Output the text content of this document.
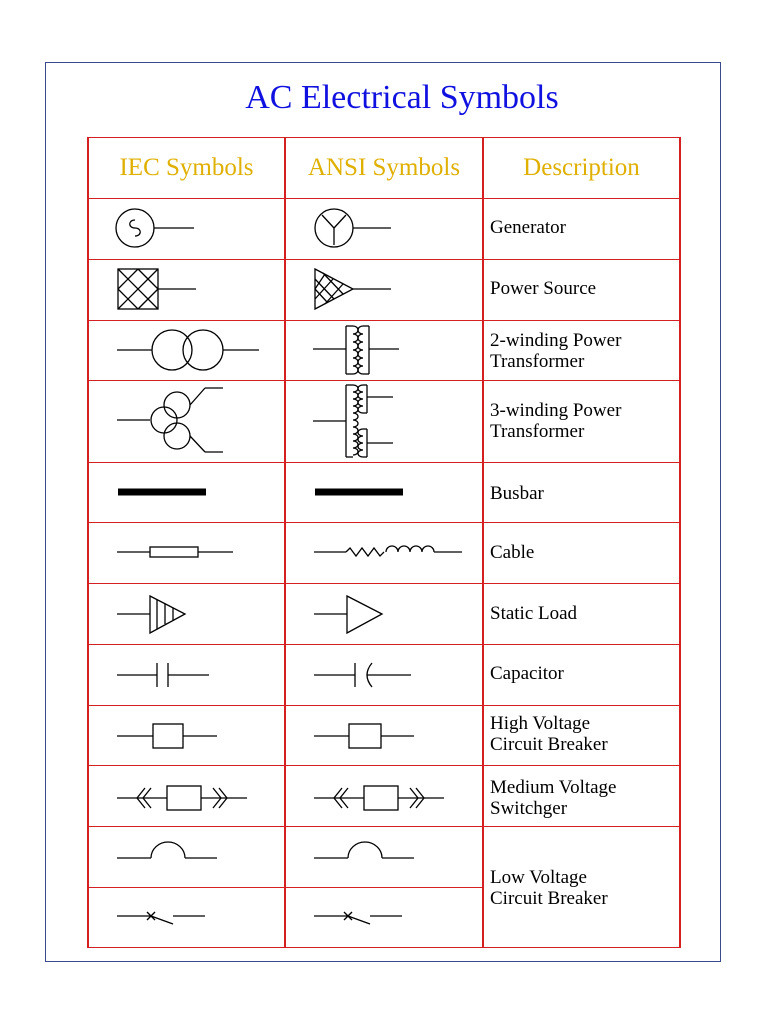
AC Electrical Symbols
IEC Symbols	ANSI Symbols	Description
Generator
Power Source
2-winding Power
Transformer
3-winding Power
Transformer
Busbar
Cable
Static Load
Capacitor
High Voltage
Circuit Breaker
Medium Voltage
Switchger
Low Voltage
Circuit Breaker
